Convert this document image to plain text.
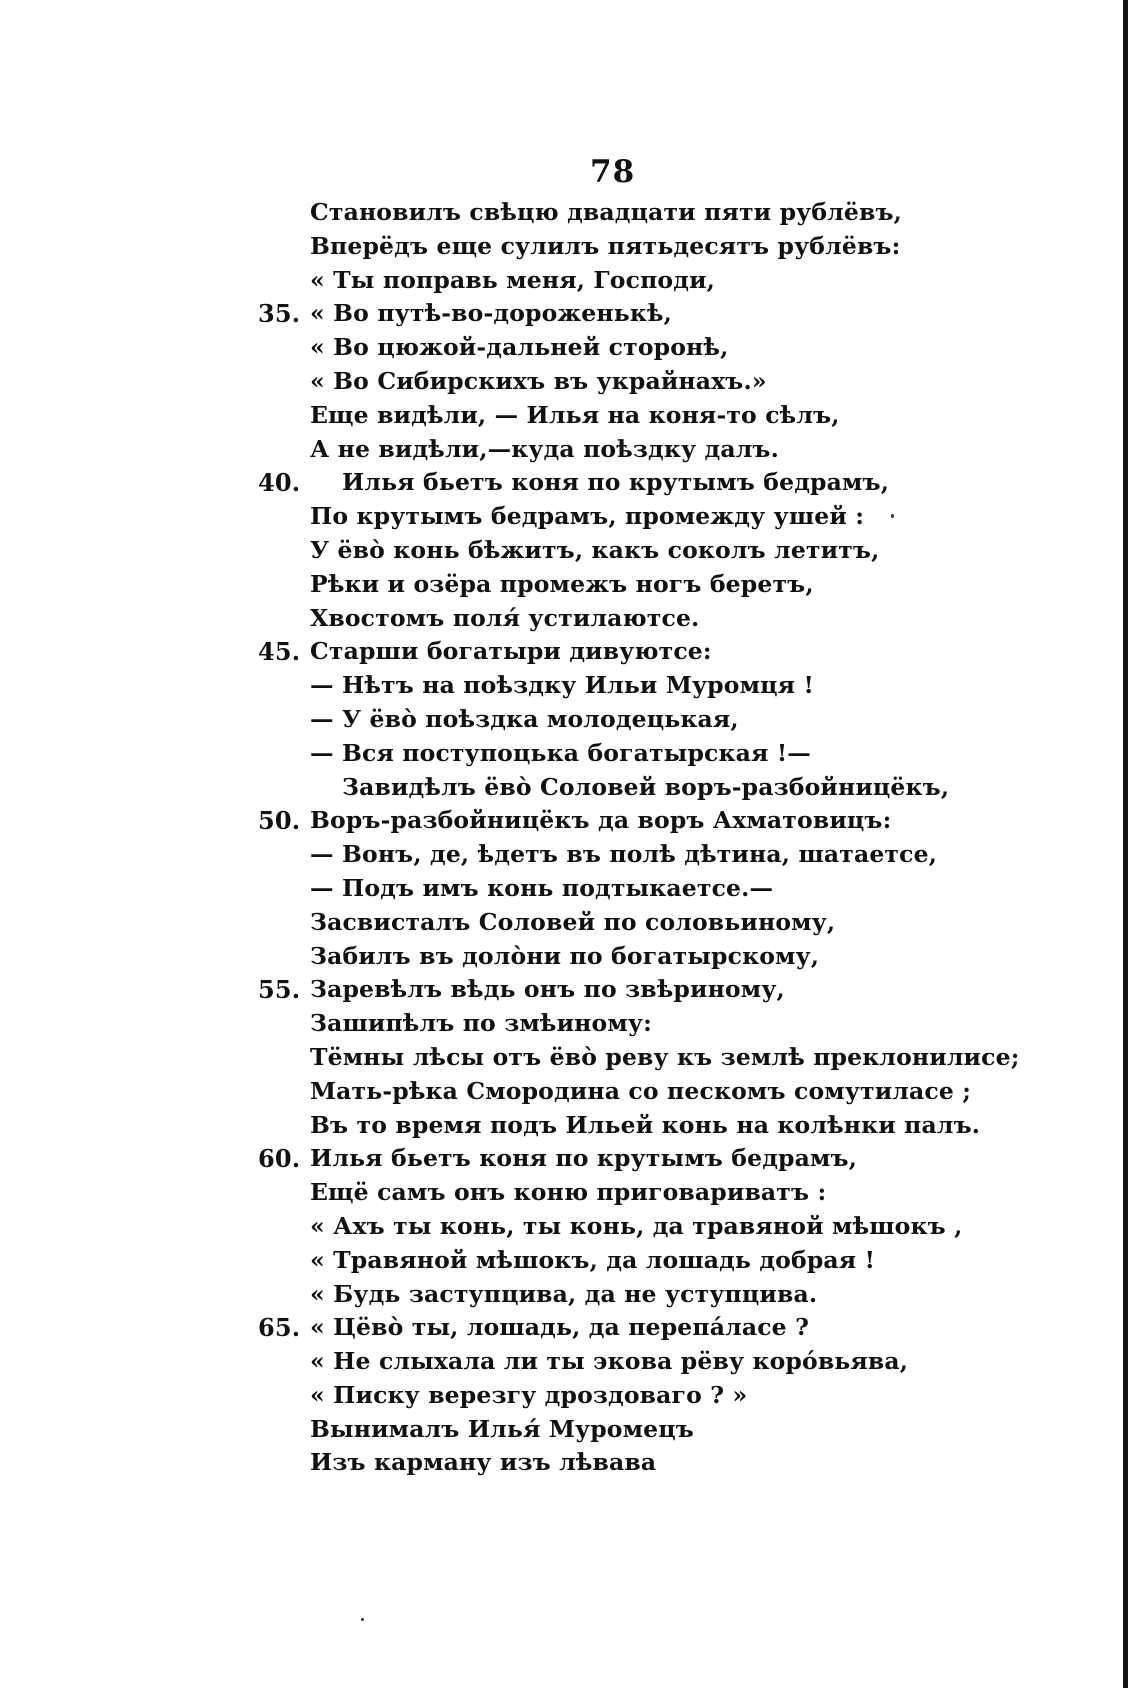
78
Становилъ свѣцю двадцати пяти рублёвъ,
Вперёдъ еще сулилъ пятьдесятъ рублёвъ:
« Ты поправь меня, Господи,
35. « Во путѣ-во-дороженькѣ,
« Во цюжой-дальней сторонѣ,
« Во Сибирскихъ въ украйнахъ.»
Еще видѣли, — Илья на коня-то сѣлъ,
А не видѣли,—куда поѣздку далъ.
40. Илья бьетъ коня по крутымъ бедрамъ,
По крутымъ бедрамъ, промежду ушей :
У ёвò конь бѣжитъ, какъ соколъ летитъ,
Рѣки и озёра промежъ ногъ беретъ,
Хвостомъ поля́ устилаютсе.
45. Старши богатыри дивуютсе:
— Нѣтъ на поѣздку Ильи Муромця !
— У ёвò поѣздка молодецькая,
— Вся поступоцька богатырская !—
Завидѣлъ ёвò Соловей воръ-разбойницёкъ,
50. Воръ-разбойницёкъ да воръ Ахматовицъ:
— Вонъ, де, ѣдетъ въ полѣ дѣтина, шатаетсе,
— Подъ имъ конь подтыкаетсе.—
Засвисталъ Соловей по соловьиному,
Забилъ въ долòни по богатырскому,
55. Заревѣлъ вѣдь онъ по звѣриному,
Зашипѣлъ по змѣиному:
Тёмны лѣсы отъ ёвò реву къ землѣ преклонилисе;
Мать-рѣка Смородина со пескомъ сомутиласе ;
Въ то время подъ Ильей конь на колѣнки палъ.
60. Илья бьетъ коня по крутымъ бедрамъ,
Ещё самъ онъ коню приговариватъ :
« Ахъ ты конь, ты конь, да травяной мѣшокъ ,
« Травяной мѣшокъ, да лошадь добрая !
« Будь заступцива, да не уступцива.
65. « Цёвò ты, лошадь, да перепа́ласе ?
« Не слыхала ли ты экова рёву коро́вьява,
« Писку верезгу дроздоваго ? »
Вынималъ Илья́ Муромецъ
Изъ карману изъ лѣвава
